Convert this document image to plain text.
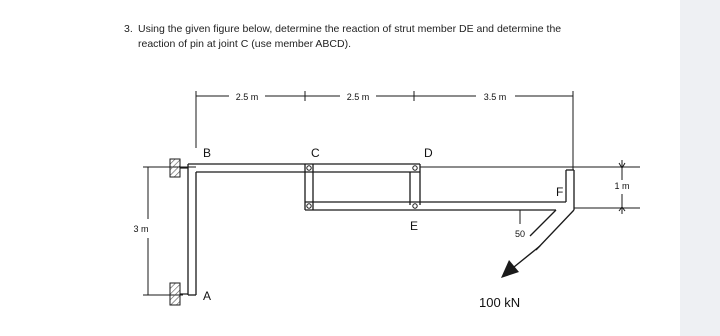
3. Using the given figure below, determine the reaction of strut member DE and determine the
reaction of pin at joint C (use member ABCD).
2.5 m	2.5 m	3.5 m
3 m
1 m
B
A
C	D
E
F
50
100 kN
